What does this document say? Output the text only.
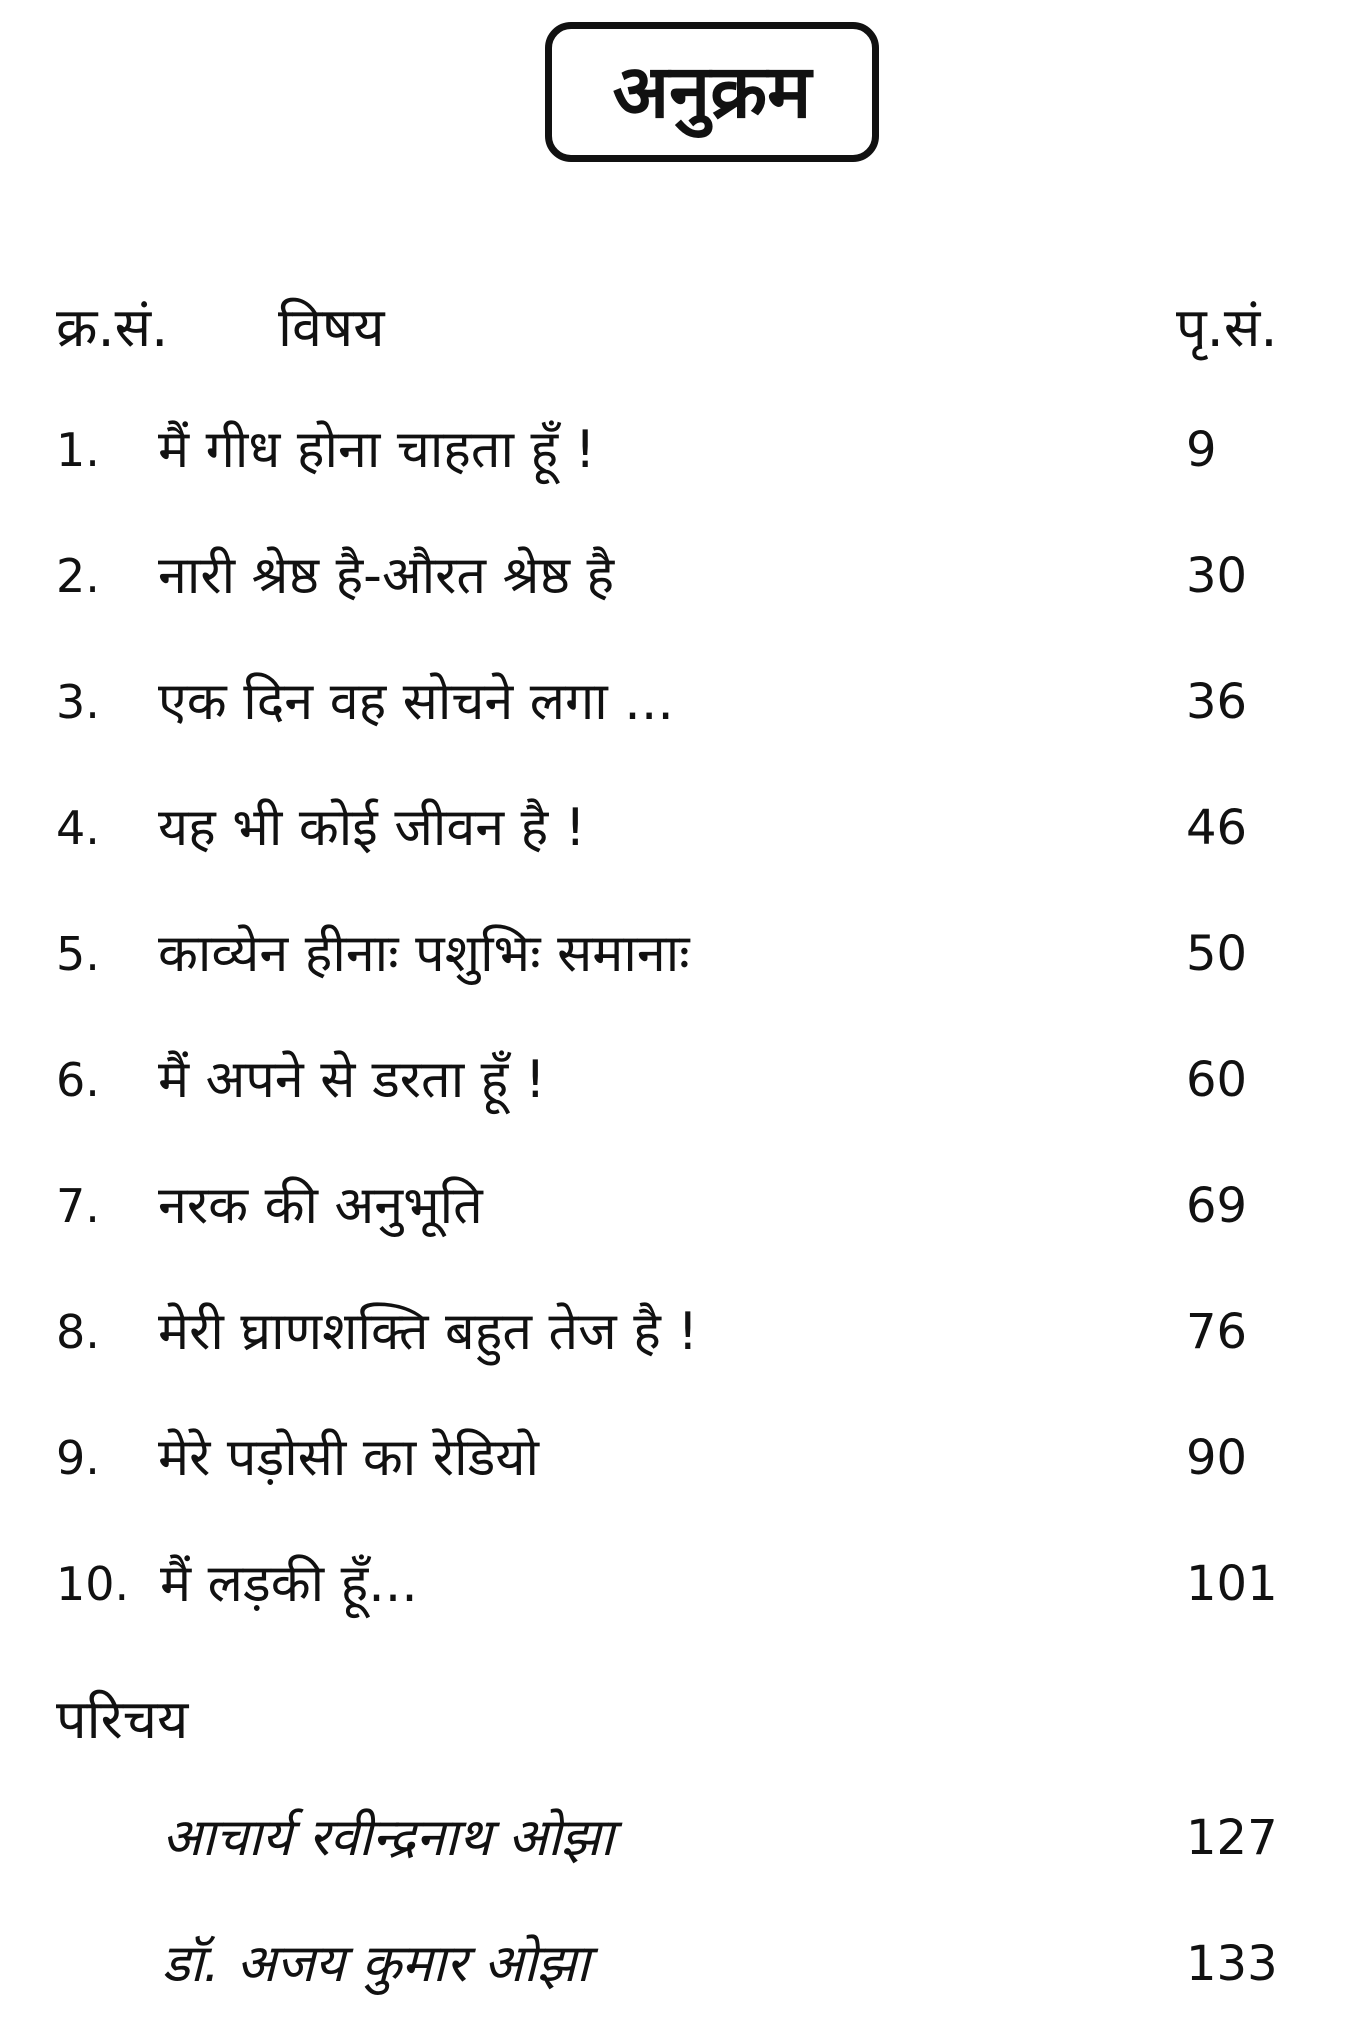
अनुक्रम
क्र.सं. विषय	पृ.सं.
1. मैं गीध होना चाहता हूँ !	9
2. नारी श्रेष्ठ है-औरत श्रेष्ठ है	30
3. एक दिन वह सोचने लगा ...	36
4. यह भी कोई जीवन है !	46
5. काव्येन हीनाः पशुभिः समानाः	50
6. मैं अपने से डरता हूँ !	60
7. नरक की अनुभूति	69
8. मेरी घ्राणशक्ति बहुत तेज है !	76
9. मेरे पड़ोसी का रेडियो	90
10. मैं लड़की हूँ...	101
परिचय
आचार्य रवीन्द्रनाथ ओझा	127
डॉ. अजय कुमार ओझा	133
